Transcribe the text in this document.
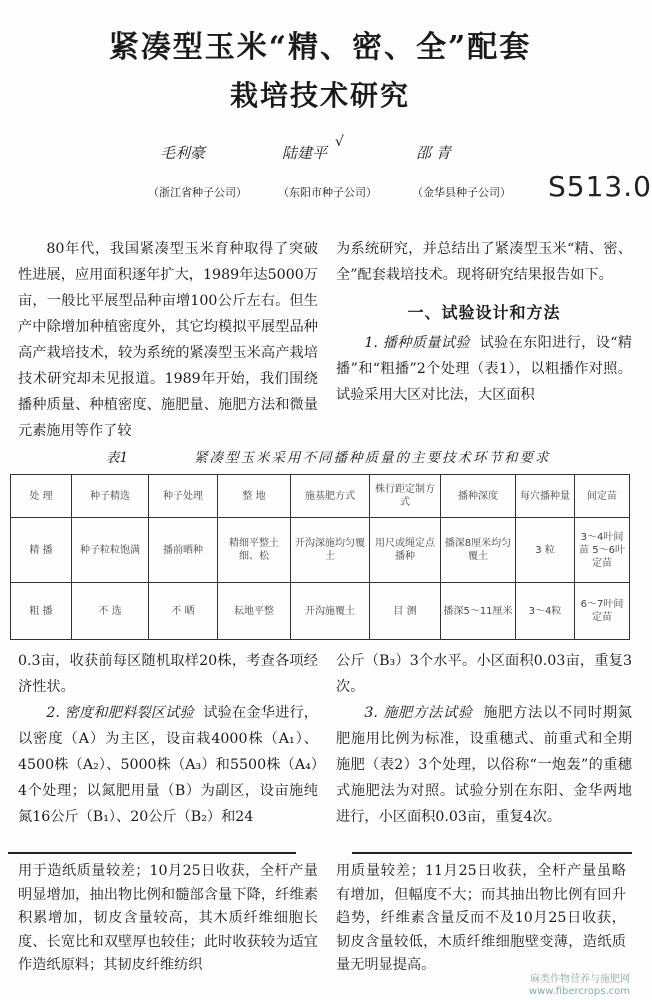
紧凑型玉米“精、密、全”配套
栽培技术研究
毛利豪	陆建平
√
邵 青
（浙江省种子公司）	（东阳市种子公司）	（金华县种子公司） S513.0

80年代，我国紧凑型玉米育种取得了突破性进展，应用面积逐年扩大，1989年达5000万亩，一般比平展型品种亩增100公斤左右。但生产中除增加种植密度外，其它均模拟平展型品种高产栽培技术，较为系统的紧凑型玉米高产栽培技术研究却未见报道。1989年开始，我们围绕播种质量、种植密度、施肥量、施肥方法和微量元素施用等作了较

为系统研究，并总结出了紧凑型玉米“精、密、全”配套栽培技术。现将研究结果报告如下。

一、试验设计和方法

1. 播种质量试验 试验在东阳进行，设“精播”和“粗播”2个处理（表1），以粗播作对照。试验采用大区对比法，大区面积

表1	紧凑型玉米采用不同播种质量的主要技术环节和要求
处 理	种子精选	种子处理	整 地	施基肥方式	株行距定制方式	播种深度	每穴播种量	间定苗
精 播	种子粒粒饱满	播前晒种	精细平整土细、松	开沟深施均匀覆土	用尺或绳定点播种	播深8厘米均匀覆土	3 粒	3～4叶间苗 5～6叶定苗
粗 播	不 选	不 晒	耘地平整	开沟施覆土	目 测	播深5～11厘米	3～4粒	6～7叶间定苗

0.3亩，收获前每区随机取样20株，考查各项经济性状。

2. 密度和肥料裂区试验 试验在金华进行，以密度（A）为主区，设亩栽4000株（A₁）、4500株（A₂）、5000株（A₃）和5500株（A₄）4个处理；以氮肥用量（B）为副区，设亩施纯氮16公斤（B₁）、20公斤（B₂）和24

公斤（B₃）3个水平。小区面积0.03亩，重复3次。

3. 施肥方法试验 施肥方法以不同时期氮肥施用比例为标准，设重穗式、前重式和全期施肥（表2）3个处理，以俗称“一炮轰”的重穗式施肥法为对照。试验分别在东阳、金华两地进行，小区面积0.03亩，重复4次。

用于造纸质量较差；10月25日收获，全杆产量明显增加，抽出物比例和髓部含量下降，纤维素积累增加，韧皮含量较高，其木质纤维细胞长度、长宽比和双壁厚也较佳；此时收获较为适宜作造纸原料；其韧皮纤维纺织

用质量较差；11月25日收获，全杆产量虽略有增加，但幅度不大；而其抽出物比例有回升趋势，纤维素含量反而不及10月25日收获，韧皮含量较低，木质纤维细胞壁变薄，造纸质量无明显提高。

麻类作物营养与施肥网
www.fibercrops.com
